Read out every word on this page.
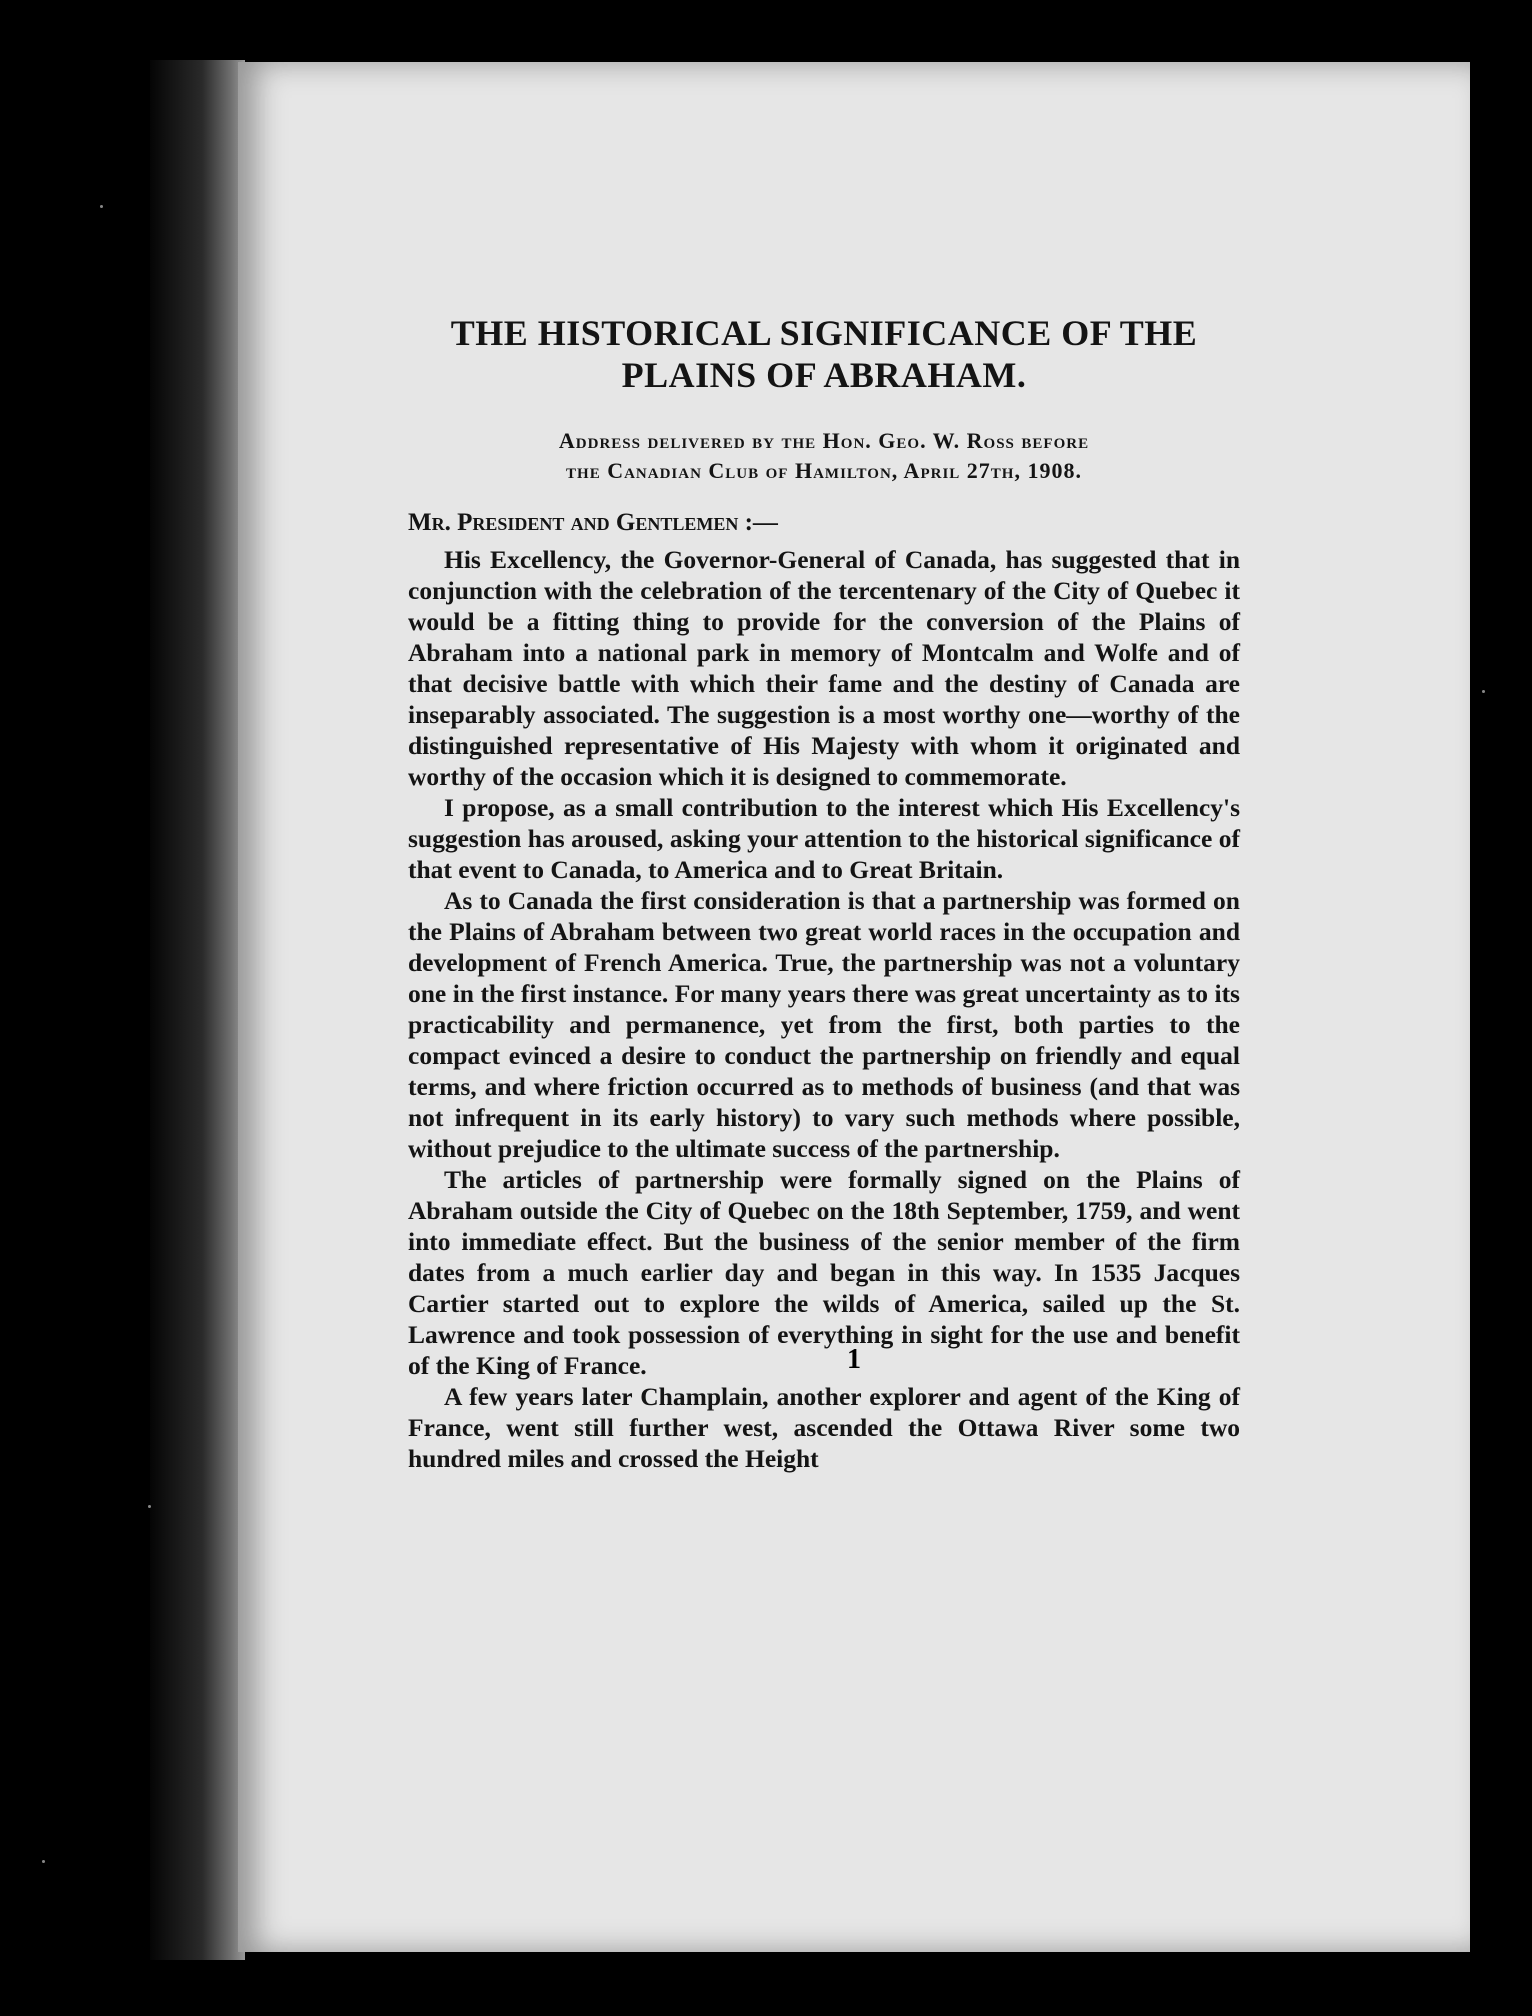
THE HISTORICAL SIGNIFICANCE OF THE PLAINS OF ABRAHAM.
Address delivered by the Hon. Geo. W. Ross before
the Canadian Club of Hamilton, April 27th, 1908.

Mr. President and Gentlemen :—

His Excellency, the Governor-General of Canada, has suggested that in conjunction with the celebration of the tercentenary of the City of Quebec it would be a fitting thing to provide for the conversion of the Plains of Abraham into a national park in memory of Montcalm and Wolfe and of that decisive battle with which their fame and the destiny of Canada are inseparably associated. The suggestion is a most worthy one—worthy of the distinguished representative of His Majesty with whom it originated and worthy of the occasion which it is designed to commemorate.

I propose, as a small contribution to the interest which His Excellency's suggestion has aroused, asking your attention to the historical significance of that event to Canada, to America and to Great Britain.

As to Canada the first consideration is that a partnership was formed on the Plains of Abraham between two great world races in the occupation and development of French America. True, the partnership was not a voluntary one in the first instance. For many years there was great uncertainty as to its practicability and permanence, yet from the first, both parties to the compact evinced a desire to conduct the partnership on friendly and equal terms, and where friction occurred as to methods of business (and that was not infrequent in its early history) to vary such methods where possible, without prejudice to the ultimate success of the partnership.

The articles of partnership were formally signed on the Plains of Abraham outside the City of Quebec on the 18th September, 1759, and went into immediate effect. But the business of the senior member of the firm dates from a much earlier day and began in this way. In 1535 Jacques Cartier started out to explore the wilds of America, sailed up the St. Lawrence and took possession of everything in sight for the use and benefit of the King of France.

A few years later Champlain, another explorer and agent of the King of France, went still further west, ascended the Ottawa River some two hundred miles and crossed the Height

1
